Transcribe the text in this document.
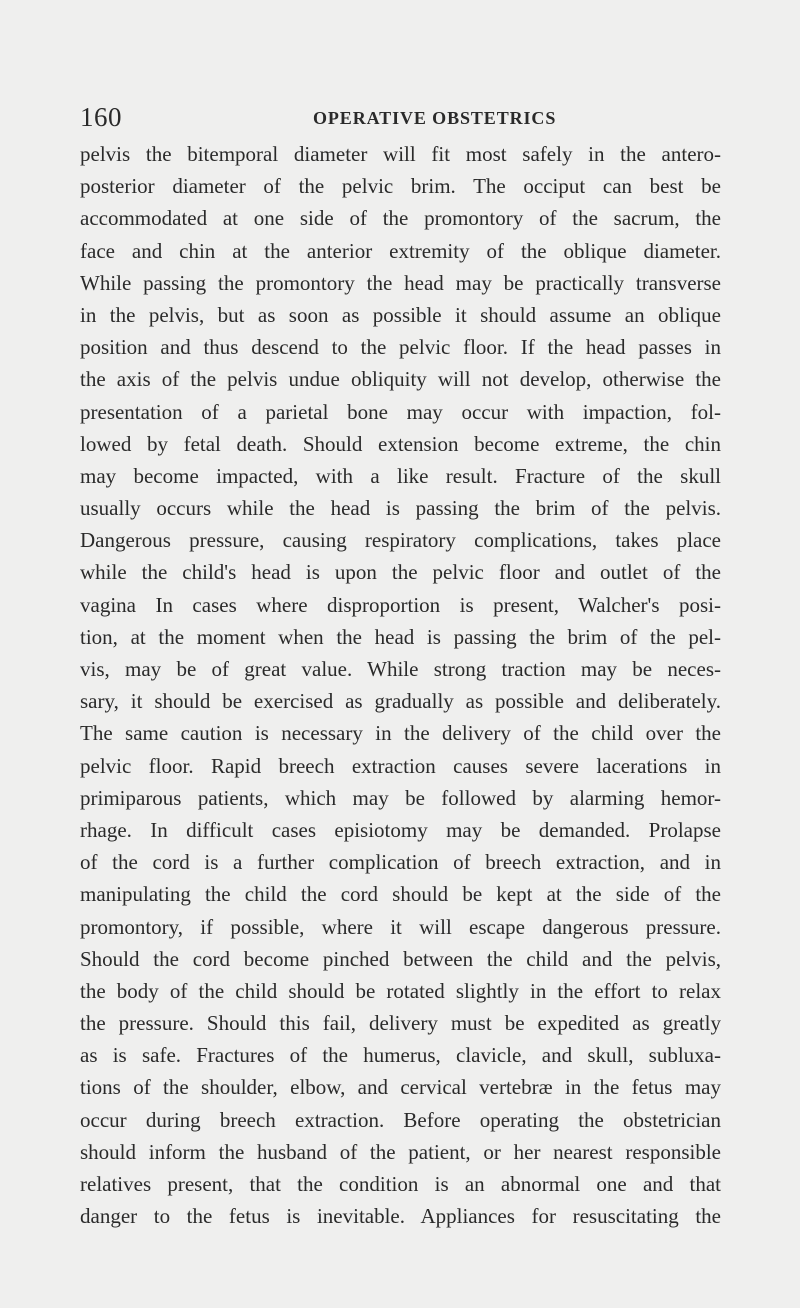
160	OPERATIVE OBSTETRICS
pelvis the bitemporal diameter will fit most safely in the antero-
posterior diameter of the pelvic brim. The occiput can best be
accommodated at one side of the promontory of the sacrum, the
face and chin at the anterior extremity of the oblique diameter.
While passing the promontory the head may be practically transverse
in the pelvis, but as soon as possible it should assume an oblique
position and thus descend to the pelvic floor. If the head passes in
the axis of the pelvis undue obliquity will not develop, otherwise the
presentation of a parietal bone may occur with impaction, fol-
lowed by fetal death. Should extension become extreme, the chin
may become impacted, with a like result. Fracture of the skull
usually occurs while the head is passing the brim of the pelvis.
Dangerous pressure, causing respiratory complications, takes place
while the child's head is upon the pelvic floor and outlet of the
vagina In cases where disproportion is present, Walcher's posi-
tion, at the moment when the head is passing the brim of the pel-
vis, may be of great value. While strong traction may be neces-
sary, it should be exercised as gradually as possible and deliberately.
The same caution is necessary in the delivery of the child over the
pelvic floor. Rapid breech extraction causes severe lacerations in
primiparous patients, which may be followed by alarming hemor-
rhage. In difficult cases episiotomy may be demanded. Prolapse
of the cord is a further complication of breech extraction, and in
manipulating the child the cord should be kept at the side of the
promontory, if possible, where it will escape dangerous pressure.
Should the cord become pinched between the child and the pelvis,
the body of the child should be rotated slightly in the effort to relax
the pressure. Should this fail, delivery must be expedited as greatly
as is safe. Fractures of the humerus, clavicle, and skull, subluxa-
tions of the shoulder, elbow, and cervical vertebræ in the fetus may
occur during breech extraction. Before operating the obstetrician
should inform the husband of the patient, or her nearest responsible
relatives present, that the condition is an abnormal one and that
danger to the fetus is inevitable. Appliances for resuscitating the
